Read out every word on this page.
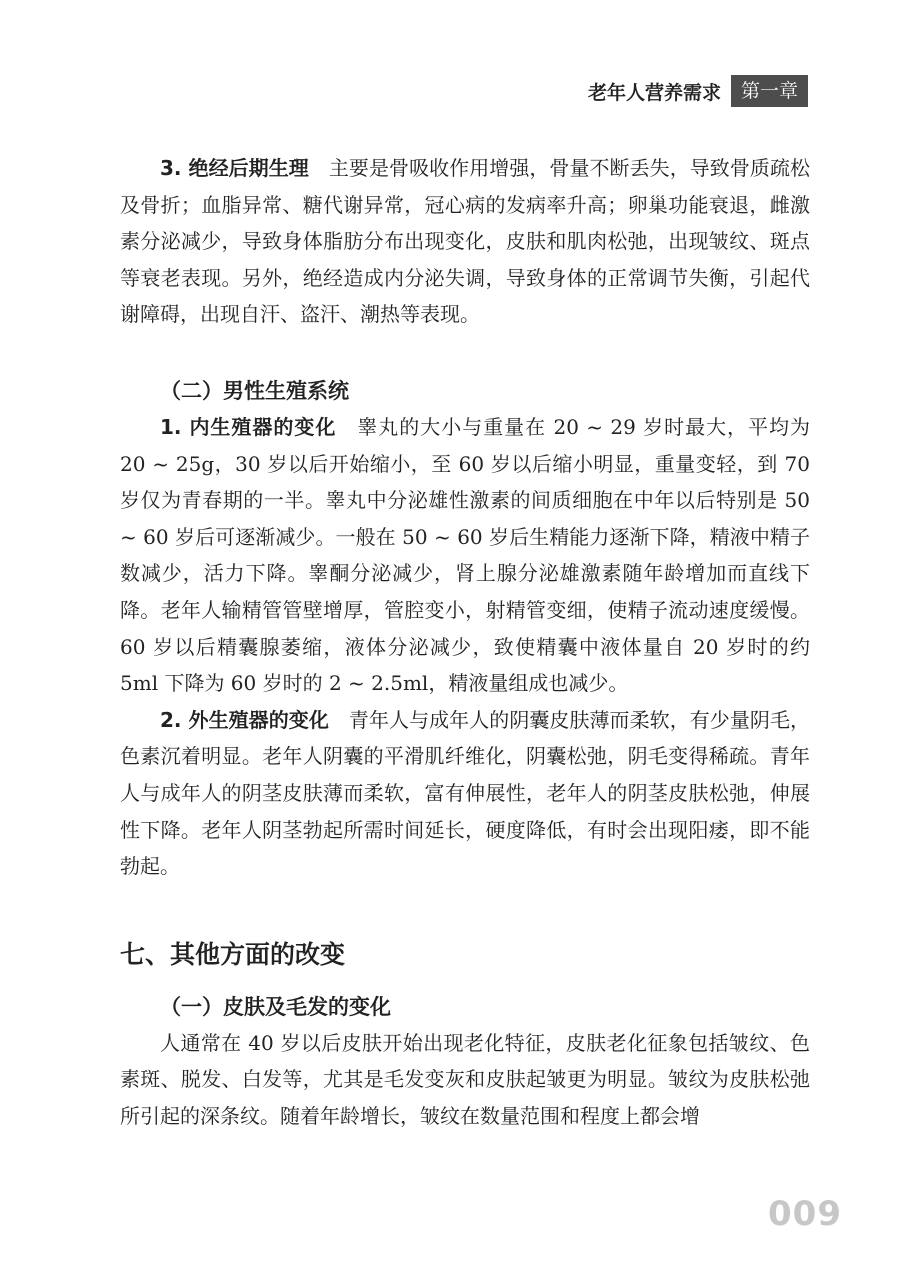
老年人营养需求	第一章

3. 绝经后期生理　主要是骨吸收作用增强，骨量不断丢失，导致骨质疏松及骨折；血脂异常、糖代谢异常，冠心病的发病率升高；卵巢功能衰退，雌激素分泌减少，导致身体脂肪分布出现变化，皮肤和肌肉松弛，出现皱纹、斑点等衰老表现。另外，绝经造成内分泌失调，导致身体的正常调节失衡，引起代谢障碍，出现自汗、盗汗、潮热等表现。

（二）男性生殖系统

1. 内生殖器的变化　睾丸的大小与重量在 20 ~ 29 岁时最大，平均为 20 ~ 25g，30 岁以后开始缩小，至 60 岁以后缩小明显，重量变轻，到 70 岁仅为青春期的一半。睾丸中分泌雄性激素的间质细胞在中年以后特别是 50 ~ 60 岁后可逐渐减少。一般在 50 ~ 60 岁后生精能力逐渐下降，精液中精子数减少，活力下降。睾酮分泌减少，肾上腺分泌雄激素随年龄增加而直线下降。老年人输精管管壁增厚，管腔变小，射精管变细，使精子流动速度缓慢。60 岁以后精囊腺萎缩，液体分泌减少，致使精囊中液体量自 20 岁时的约 5ml 下降为 60 岁时的 2 ~ 2.5ml，精液量组成也减少。

2. 外生殖器的变化　青年人与成年人的阴囊皮肤薄而柔软，有少量阴毛，色素沉着明显。老年人阴囊的平滑肌纤维化，阴囊松弛，阴毛变得稀疏。青年人与成年人的阴茎皮肤薄而柔软，富有伸展性，老年人的阴茎皮肤松弛，伸展性下降。老年人阴茎勃起所需时间延长，硬度降低，有时会出现阳痿，即不能勃起。

七、其他方面的改变
（一）皮肤及毛发的变化

人通常在 40 岁以后皮肤开始出现老化特征，皮肤老化征象包括皱纹、色素斑、脱发、白发等，尤其是毛发变灰和皮肤起皱更为明显。皱纹为皮肤松弛所引起的深条纹。随着年龄增长，皱纹在数量范围和程度上都会增

009
